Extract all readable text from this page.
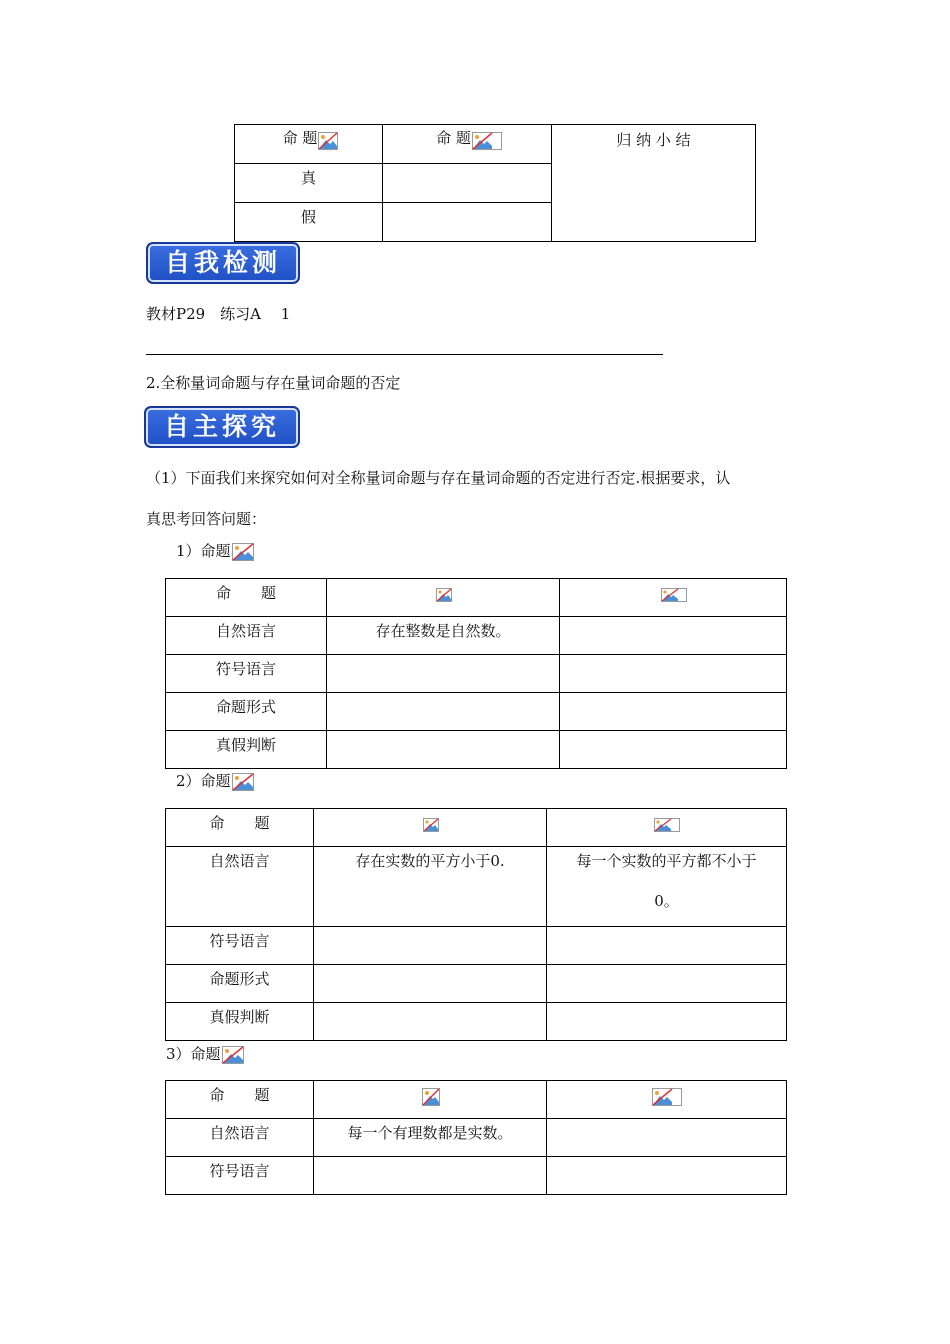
命 题	命 题	归 纳 小 结
真		
假		
自我检测
教材P29　练习A　 1
2.全称量词命题与存在量词命题的否定
自主探究
（1）下面我们来探究如何对全称量词命题与存在量词命题的否定进行否定.根据要求，认
真思考回答问题：
1）命题
命　　题	

自然语言	存在整数是自然数。	
符号语言		
命题形式		
真假判断		
2）命题
命　　题	

自然语言	存在实数的平方小于0.	每一个实数的平方都不小于
0。

符号语言		
命题形式		
真假判断		
3）命题
命　　题	

自然语言	每一个有理数都是实数。	
符号语言		
